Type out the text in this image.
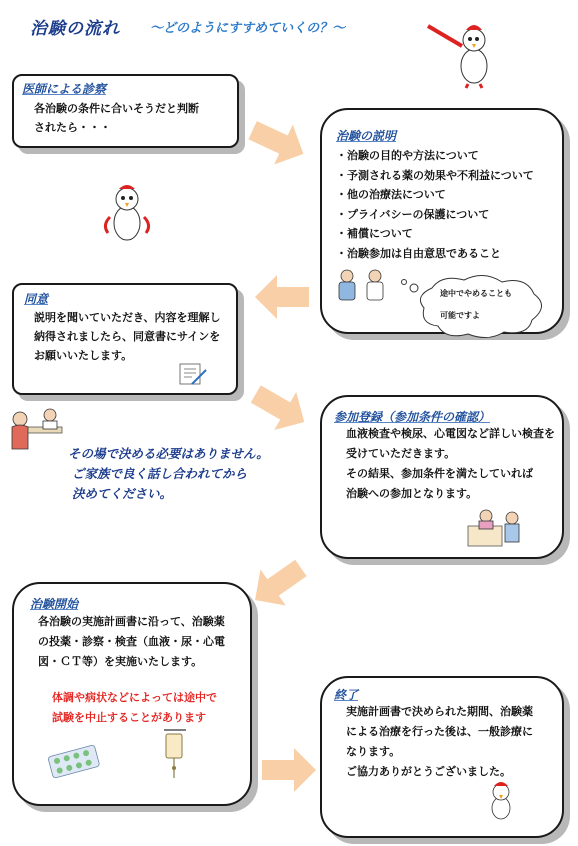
治験の流れ 〜どのようにすすめていくの？〜
医師による診察
各治験の条件に合いそうだと判断
されたら・・・
治験の説明
・ 治験の目的や方法について
・ 予測される薬の効果や不利益について
・ 他の治療法について
・ プライバシーの保護について
・ 補償について
・ 治験参加は自由意思であること
途中でやめることも
可能ですよ
同意
説明を聞いていただき、内容を理解し
納得されましたら、同意書にサインを
お願いいたします。
その場で決める必要はありません。
ご家族で良く話し合われてから
決めてください。
参加登録（参加条件の確認）
血液検査や検尿、心電図など詳しい検査を
受けていただきます。
その結果、参加条件を満たしていれば
治験への参加となります。
治験開始
各治験の実施計画書に沿って、治験薬
の投薬・診察・検査（血液・尿・心電
図・ＣＴ等）を実施いたします。
体調や病状などによっては途中で
試験を中止することがあります
終了
実施計画書で決められた期間、治験薬
による治療を行った後は、一般診療に
なります。
ご協力ありがとうございました。
